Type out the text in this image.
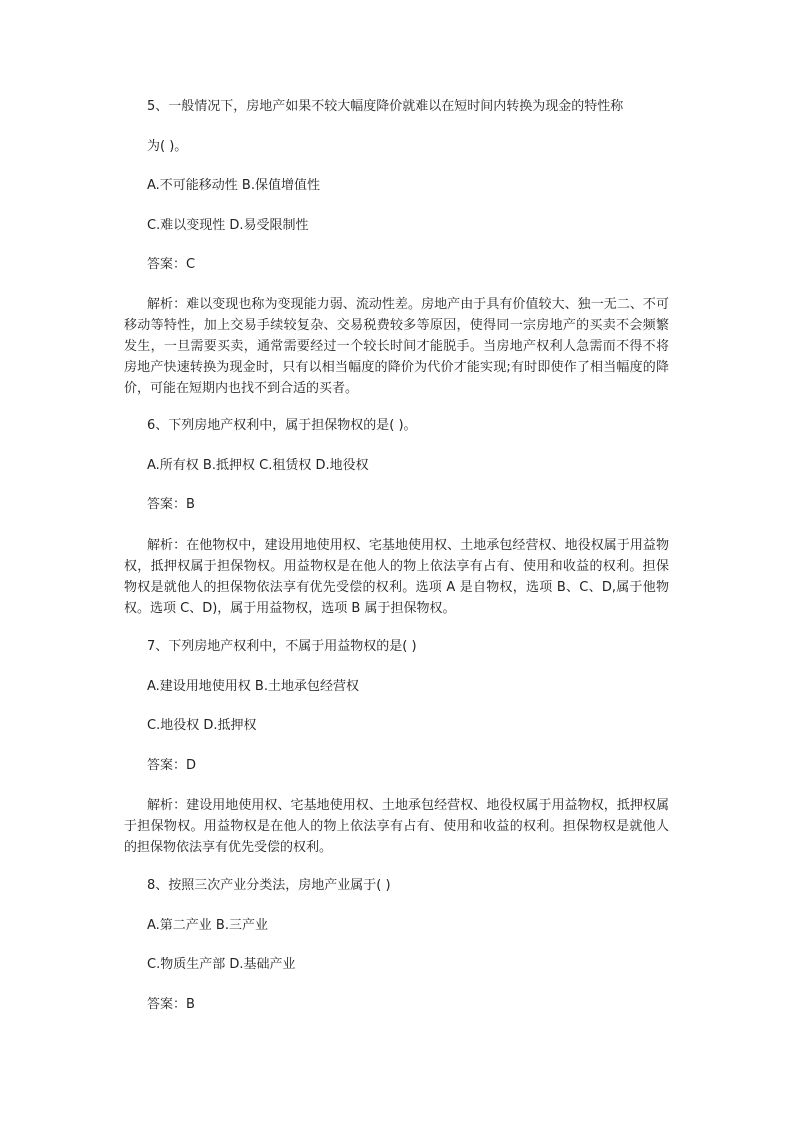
5、一般情况下，房地产如果不较大幅度降价就难以在短时间内转换为现金的特性称
为( )。
A.不可能移动性 B.保值增值性
C.难以变现性 D.易受限制性
答案：C
解析：难以变现也称为变现能力弱、流动性差。房地产由于具有价值较大、独一无二、不可移动等特性，加上交易手续较复杂、交易税费较多等原因，使得同一宗房地产的买卖不会频繁发生，一旦需要买卖，通常需要经过一个较长时间才能脱手。当房地产权利人急需而不得不将房地产快速转换为现金时，只有以相当幅度的降价为代价才能实现;有时即使作了相当幅度的降价，可能在短期内也找不到合适的买者。
6、下列房地产权利中，属于担保物权的是( )。
A.所有权 B.抵押权 C.租赁权 D.地役权
答案：B
解析：在他物权中，建设用地使用权、宅基地使用权、土地承包经营权、地役权属于用益物权，抵押权属于担保物权。用益物权是在他人的物上依法享有占有、使用和收益的权利。担保物权是就他人的担保物依法享有优先受偿的权利。选项 A 是自物权，选项 B、C、D,属于他物权。选项 C、D)，属于用益物权，选项 B 属于担保物权。
7、下列房地产权利中，不属于用益物权的是( )
A.建设用地使用权 B.土地承包经营权
C.地役权 D.抵押权
答案：D
解析：建设用地使用权、宅基地使用权、土地承包经营权、地役权属于用益物权，抵押权属于担保物权。用益物权是在他人的物上依法享有占有、使用和收益的权利。担保物权是就他人的担保物依法享有优先受偿的权利。
8、按照三次产业分类法，房地产业属于( )
A.第二产业 B.三产业
C.物质生产部 D.基础产业
答案：B
